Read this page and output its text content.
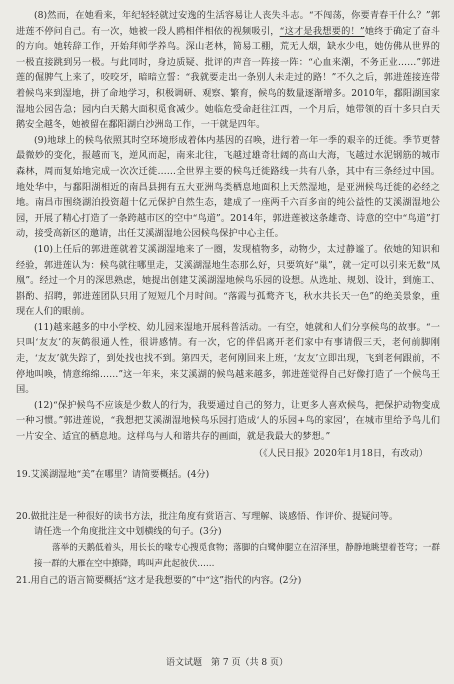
(8)然而，在她看来，年纪轻轻就过安逸的生活容易让人丧失斗志。“不闯荡，你要青春干什么？”郭进莲不停问自己。有一次，她被一段人鸥相伴相依的视频吸引，“这才是我想要的！”她终于确定了奋斗的方向。她转辞工作，开始拜师学养鸟。深山老林，简易工棚，荒无人烟，缺水少电，她仿佛从世界的一极直接跳到另一极。与此同时，身边质疑、批评的声音一阵接一阵：“心血来潮，不务正业……”郭进莲的倔脾气上来了，咬咬牙，暗暗立誓：“我就要走出一条别人未走过的路！”不久之后，郭进莲接连带着候鸟来到湿地，拼了命地学习，积极调研、观察、繁育，候鸟的数量逐渐增多。2010年，鄱阳湖国家湿地公园告急；园内白天鹅大面积觅食减少。她临危受命赶往江西，一个月后，她带领的百十多只白天鹅安全越冬，她被留在鄱阳湖白沙洲岛工作，一干就是四年。

(9)地球上的候鸟依照其时空环境形成着体内基因的召唤，进行着一年一季的艰辛的迁徙。季节更替最微妙的变化，报越而飞，逆风而起，南来北往，飞越过雄奇壮阔的高山大海，飞越过水泥钢筋的城市森林，周而复始地完成一次次迁徙……全世界主要的候鸟迁徙路线一共有八条，其中有三条经过中国。地处华中，与鄱阳湖相近的南昌县拥有五大亚洲鸟类栖息地面积上天然湿地，是亚洲候鸟迁徙的必经之地。南昌市围绕湖泊投资超十亿元保护自然生态，建成了一座两千六百多亩的纯公益性的艾溪湖湿地公园，开展了精心打造了一条跨越市区的空中“鸟道”。2014年，郭进莲被这条雄奇、诗意的空中“鸟道”打动，接受高新区的邀请，出任艾溪湖湿地公园候鸟保护中心主任。

(10)上任后的郭进莲就着艾溪湖湿地来了一圈，发现植物多，动物少，太过静谧了。依她的知识和经验，郭进莲认为：候鸟就往哪里走，艾溪湖湿地生态那么好，只要筑好“巢”，就一定可以引来无数“凤凰”。经过一个月的深思熟虑，她提出创建艾溪湖湿地候鸟乐园的设想。从选址、规划、设计，到施工、斟酌、招聘，郭进莲团队只用了短短几个月时间。“落霞与孤鹜齐飞，秋水共长天一色”的绝美景象，重现在人们的眼前。

(11)越来越多的中小学校、幼儿园来湿地开展科普活动。一有空，她就和人们分享候鸟的故事。“一只叫‘友友’的灰鹤很通人性，很讲感情。有一次，它的伴侣离开老们家中有事请假三天，老何前脚刚走，‘友友’就失踪了，到处找也找不到。第四天，老何刚回来上班，‘友友’立即出现，飞到老何跟前，不停地叫唤，情意绵绵……”这一年来，来艾溪湖的候鸟越来越多，郭进莲觉得自己好像打造了一个候鸟王国。

(12)“保护候鸟不应该是少数人的行为，我要通过自己的努力，让更多人喜欢候鸟，把保护动物变成一种习惯。”郭进莲说，“我想把艾溪湖湿地候鸟乐园打造成‘人的乐园+鸟的家园’，在城市里给予鸟儿们一片安全、适宜的栖息地。这样鸟与人和谐共存的画面，就是我最大的梦想。”

（《人民日报》2020年1月18日，有改动）

19.艾溪湖湿地“美”在哪里？请简要概括。(4分)

20.做批注是一种很好的读书方法，批注角度有赏语言、写理解、谈感悟、作评价、提疑问等。

请任选一个角度批注文中划横线的句子。(3分)

落举的天鹅低着头，用长长的喙专心搜觅食物；落脚的白鹭伸腿立在沼泽里，静静地眺望着苍穹；一群接一群的大雁在空中撩降，鸣叫声此起彼伏……

21.用自己的语言简要概括“这才是我想要的”中“这”指代的内容。(2分)

语文试题　第 7 页（共 8 页）
